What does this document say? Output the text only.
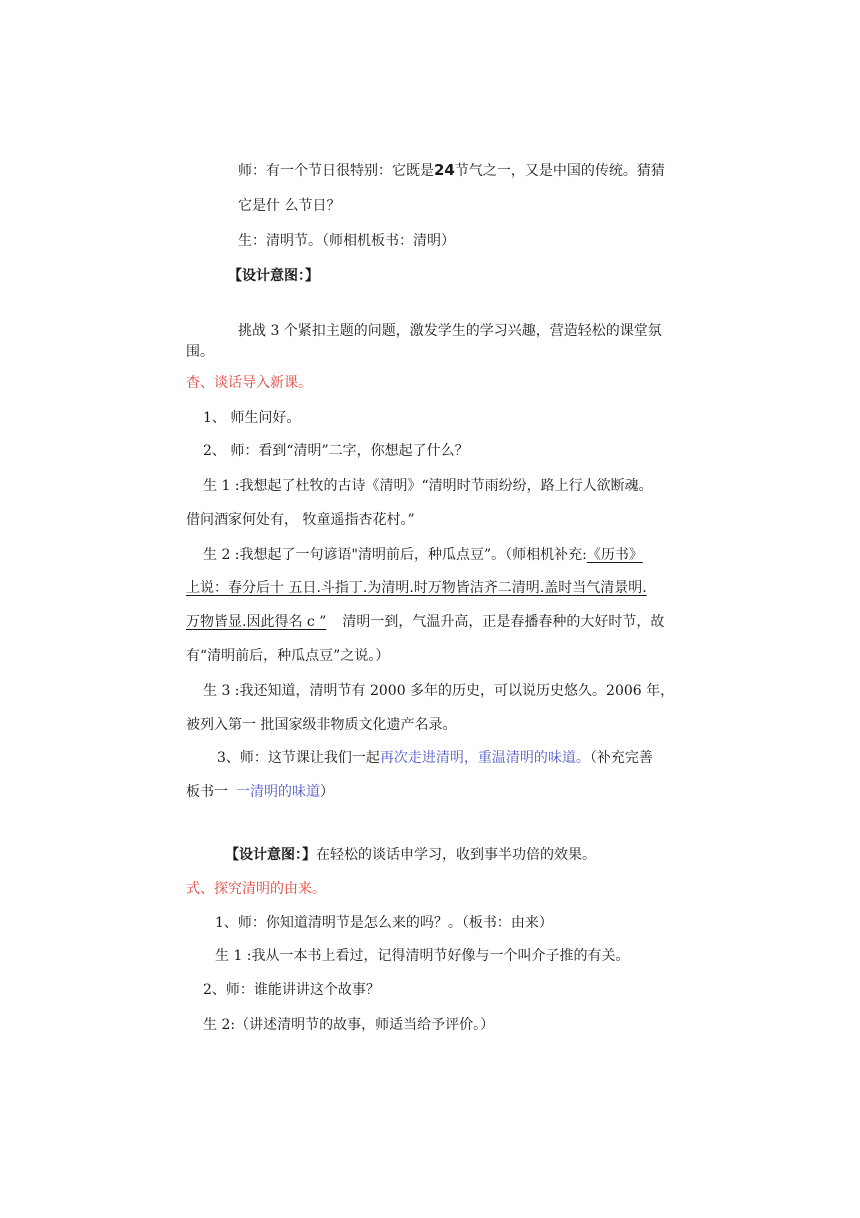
师：有一个节日很特别：它既是24节气之一，又是中国的传统。猜猜
它是什 么节日？
生：清明节。（师相机板书：清明）
【设计意图：】
挑战 3 个紧扣主题的问题，激发学生的学习兴趣，营造轻松的课堂氛
围。
杳、谈话导入新课。
1、 师生问好。
2、 师：看到“清明”二字，你想起了什么？
生 1 :我想起了杜牧的古诗《清明》“清明时节雨纷纷，路上行人欲断魂。
借问酒家何处有， 牧童遥指杏花村。”
生 2 :我想起了一句谚语"清明前后，种瓜点豆”。（师相机补充:《历书》
上说：春分后十 五日.斗指丁.为清明.时万物皆洁齐二清明.盖时当气清景明.
万物皆显.因此得名 c ” 清明一到，气温升高，正是春播春种的大好时节，故
有“清明前后，种瓜点豆”之说。）
生 3 :我还知道，清明节有 2000 多年的历史，可以说历史悠久。2006 年，
被列入第一 批国家级非物质文化遗产名录。
3、师：这节课让我们一起再次走进清明，重温清明的味道。（补充完善
板书一 一清明的味道）
【设计意图：】在轻松的谈话申学习，收到事半功倍的效果。
式、探究清明的由来。
1、师：你知道清明节是怎么来的吗？。（板书：由来）
生 1 :我从一本书上看过，记得清明节好像与一个叫介子推的有关。
2、师：谁能讲讲这个故事？
生 2:（讲述清明节的故事，师适当给予评价。）
